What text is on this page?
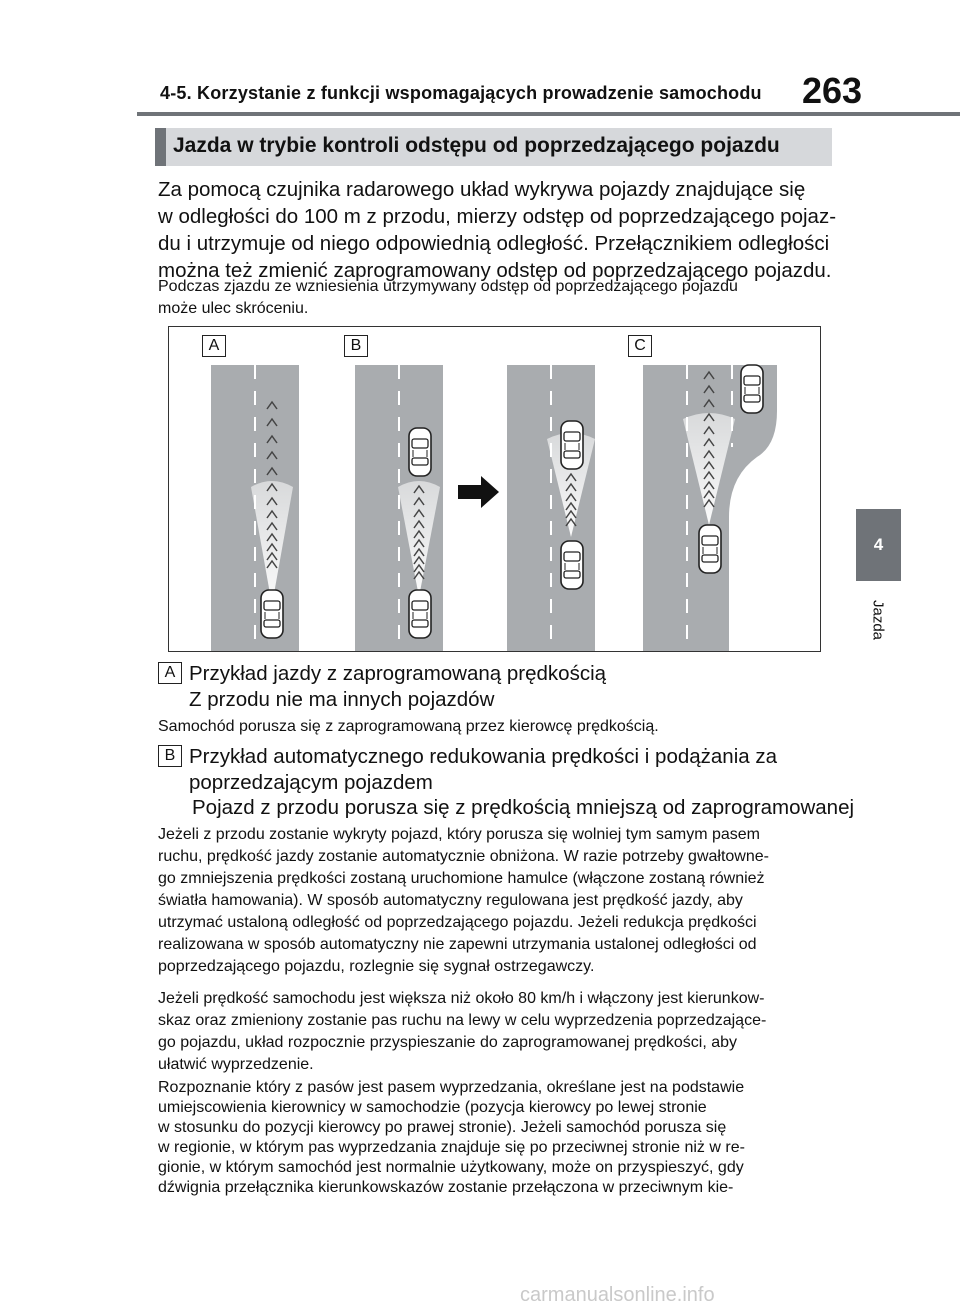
4-5. Korzystanie z funkcji wspomagających prowadzenie samochodu 263
Jazda w trybie kontroli odstępu od poprzedzającego pojazdu
Za pomocą czujnika radarowego układ wykrywa pojazdy znajdujące się
w odległości do 100 m z przodu, mierzy odstęp od poprzedzającego pojaz-
du i utrzymuje od niego odpowiednią odległość. Przełącznikiem odległości
można też zmienić zaprogramowany odstęp od poprzedzającego pojazdu.
Podczas zjazdu ze wzniesienia utrzymywany odstęp od poprzedzającego pojazdu
może ulec skróceniu.
A	B	C
A Przykład jazdy z zaprogramowaną prędkością
Z przodu nie ma innych pojazdów
Samochód porusza się z zaprogramowaną przez kierowcę prędkością.
B Przykład automatycznego redukowania prędkości i podążania za
poprzedzającym pojazdem
Pojazd z przodu porusza się z prędkością mniejszą od zaprogramowanej
Jeżeli z przodu zostanie wykryty pojazd, który porusza się wolniej tym samym pasem
ruchu, prędkość jazdy zostanie automatycznie obniżona. W razie potrzeby gwałtowne-
go zmniejszenia prędkości zostaną uruchomione hamulce (włączone zostaną również
światła hamowania). W sposób automatyczny regulowana jest prędkość jazdy, aby
utrzymać ustaloną odległość od poprzedzającego pojazdu. Jeżeli redukcja prędkości
realizowana w sposób automatyczny nie zapewni utrzymania ustalonej odległości od
poprzedzającego pojazdu, rozlegnie się sygnał ostrzegawczy.
Jeżeli prędkość samochodu jest większa niż około 80 km/h i włączony jest kierunkow-
skaz oraz zmieniony zostanie pas ruchu na lewy w celu wyprzedzenia poprzedzające-
go pojazdu, układ rozpocznie przyspieszanie do zaprogramowanej prędkości, aby
ułatwić wyprzedzenie.
Rozpoznanie który z pasów jest pasem wyprzedzania, określane jest na podstawie
umiejscowienia kierownicy w samochodzie (pozycja kierowcy po lewej stronie
w stosunku do pozycji kierowcy po prawej stronie). Jeżeli samochód porusza się
w regionie, w którym pas wyprzedzania znajduje się po przeciwnej stronie niż w re-
gionie, w którym samochód jest normalnie użytkowany, może on przyspieszyć, gdy
dźwignia przełącznika kierunkowskazów zostanie przełączona w przeciwnym kie-
4
Jazda
carmanualsonline.info
